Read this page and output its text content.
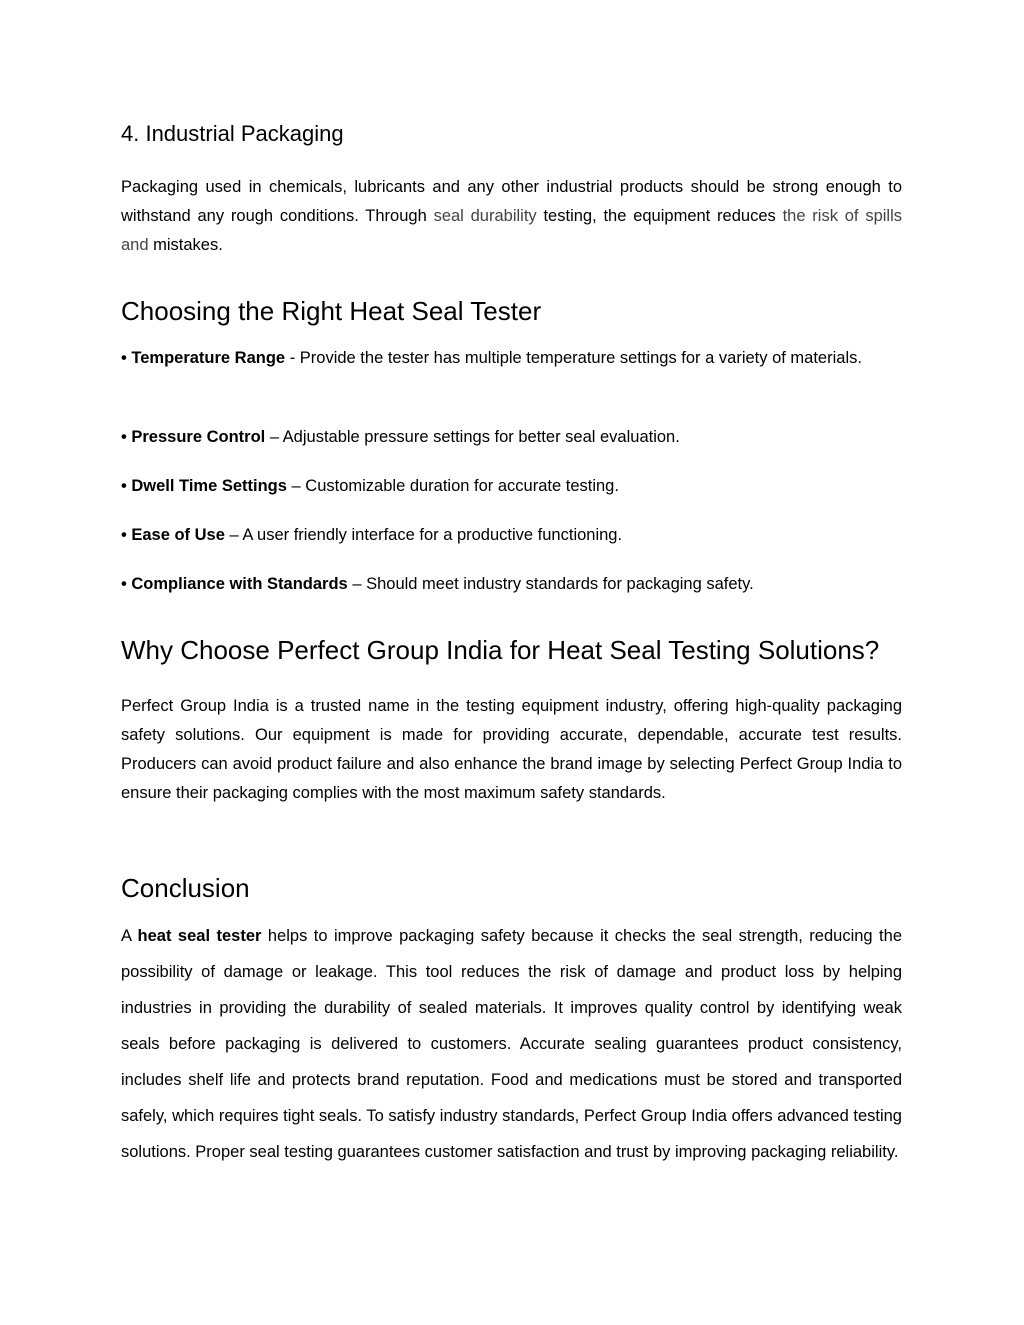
4. Industrial Packaging

Packaging used in chemicals, lubricants and any other industrial products should be strong enough to withstand any rough conditions. Through seal durability testing, the equipment reduces the risk of spills and mistakes.

Choosing the Right Heat Seal Tester

• Temperature Range - Provide the tester has multiple temperature settings for a variety of materials.

• Pressure Control – Adjustable pressure settings for better seal evaluation.

• Dwell Time Settings – Customizable duration for accurate testing.

• Ease of Use – A user friendly interface for a productive functioning.

• Compliance with Standards – Should meet industry standards for packaging safety.

Why Choose Perfect Group India for Heat Seal Testing Solutions?

Perfect Group India is a trusted name in the testing equipment industry, offering high-quality packaging safety solutions. Our equipment is made for providing accurate, dependable, accurate test results. Producers can avoid product failure and also enhance the brand image by selecting Perfect Group India to ensure their packaging complies with the most maximum safety standards.

Conclusion

A heat seal tester helps to improve packaging safety because it checks the seal strength, reducing the possibility of damage or leakage. This tool reduces the risk of damage and product loss by helping industries in providing the durability of sealed materials. It improves quality control by identifying weak seals before packaging is delivered to customers. Accurate sealing guarantees product consistency, includes shelf life and protects brand reputation. Food and medications must be stored and transported safely, which requires tight seals. To satisfy industry standards, Perfect Group India offers advanced testing solutions. Proper seal testing guarantees customer satisfaction and trust by improving packaging reliability.
